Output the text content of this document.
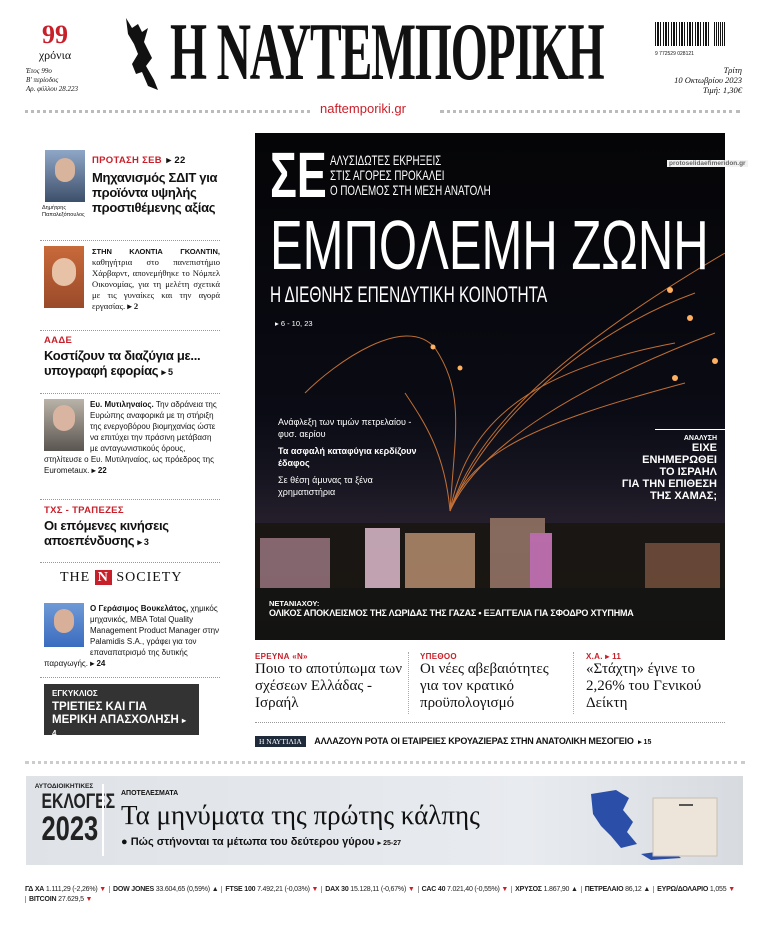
99
χρόνια
Έτος 99ο
Β' περίοδος
Αρ. φύλλου 28.223 Η ΝΑΥΤΕΜΠΟΡΙΚΗ
	9 772529 028121
Τρίτη
10 Οκτωβρίου 2023
Τιμή: 1,30€
naftemporiki.gr
Δημήτρης Παπαλεξόπουλος
ΠΡΟΤΑΣΗ ΣΕΒ ▸ 22
Μηχανισμός ΣΔΙΤ για προϊόντα υψηλής προστιθέμενης αξίας
ΣΤΗΝ ΚΛΟΝΤΙΑ ΓΚΟΛΝΤΙΝ, καθηγήτρια στο πανεπιστήμιο Χάρβαρντ, απονεμήθηκε το Νόμπελ Οικονομίας, για τη μελέτη σχετικά με τις γυναίκες και την αγορά εργασίας. ▸ 2
ΑΑΔΕ
Κοστίζουν τα διαζύγια με... υπογραφή εφορίας ▸ 5
Ευ. Μυτιληναίος. Την αδράνεια της Ευρώπης αναφορικά με τη στήριξη της ενεργοβόρου βιομηχανίας ώστε να επιτύχει την πράσινη μετάβαση με ανταγωνιστικούς όρους, στηλίτευσε ο Ευ. Μυτιληναίος, ως πρόεδρος της Eurometaux. ▸ 22
ΤΧΣ - ΤΡΑΠΕΖΕΣ
Οι επόμενες κινήσεις αποεπένδυσης ▸ 3
THE N SOCIETY
Ο Γεράσιμος Βουκελάτος, χημικός μηχανικός, MBA Total Quality Management Product Manager στην Palamidis S.A., γράφει για τον επαναπατρισμό της δυτικής παραγωγής. ▸ 24
ΕΓΚΥΚΛΙΟΣ
ΤΡΙΕΤΙΕΣ ΚΑΙ ΓΙΑ ΜΕΡΙΚΗ ΑΠΑΣΧΟΛΗΣΗ ▸ 4
ΣΕ ΑΛΥΣΙΔΩΤΕΣ ΕΚΡΗΞΕΙΣ
ΣΤΙΣ ΑΓΟΡΕΣ ΠΡΟΚΑΛΕΙ
Ο ΠΟΛΕΜΟΣ ΣΤΗ ΜΕΣΗ ΑΝΑΤΟΛΗ
ΕΜΠΟΛΕΜΗ ΖΩΝΗ
Η ΔΙΕΘΝΗΣ ΕΠΕΝΔΥΤΙΚΗ ΚΟΙΝΟΤΗΤΑ
▸ 6 - 10, 23
Ανάφλεξη των τιμών πετρελαίου - φυσ. αερίου
Τα ασφαλή καταφύγια κερδίζουν έδαφος
Σε θέση άμυνας τα ξένα χρηματιστήρια
ΑΝΑΛΥΣΗ
ΕΙΧΕ
ΕΝΗΜΕΡΩΘΕΙ
ΤΟ ΙΣΡΑΗΛ
ΓΙΑ ΤΗΝ ΕΠΙΘΕΣΗ
ΤΗΣ ΧΑΜΑΣ;
ΝΕΤΑΝΙΑΧΟΥ:
ΟΛΙΚΟΣ ΑΠΟΚΛΕΙΣΜΟΣ ΤΗΣ ΛΩΡΙΔΑΣ ΤΗΣ ΓΑΖΑΣ • ΕΞΑΓΓΕΛΙΑ ΓΙΑ ΣΦΟΔΡΟ ΧΤΥΠΗΜΑ
protoselidaefimeridon.gr
ΕΡΕΥΝΑ «Ν»
Ποιο το αποτύπωμα των σχέσεων Ελλάδας - Ισραήλ
ΥΠΕΘΟΟ
Οι νέες αβεβαιότητες για τον κρατικό προϋπολογισμό
Χ.Α. ▸ 11
«Στάχτη» έγινε το 2,26% του Γενικού Δείκτη
Η ΝΑΥΤΙΛΙΑ ΑΛΛΑΖΟΥΝ ΡΟΤΑ ΟΙ ΕΤΑΙΡΕΙΕΣ ΚΡΟΥΑΖΙΕΡΑΣ ΣΤΗΝ ΑΝΑΤΟΛΙΚΗ ΜΕΣΟΓΕΙΟ ▸ 15
ΑΥΤΟΔΙΟΙΚΗΤΙΚΕΣ
ΕΚΛΟΓΕΣ
2023
ΑΠΟΤΕΛΕΣΜΑΤΑ
Τα μηνύματα της πρώτης κάλπης
● Πώς στήνονται τα μέτωπα του δεύτερου γύρου ▸ 25-27
ΓΔ ΧΑ 1.111,29 (-2,26%) ▼	DOW JONES 33.604,65 (0,59%) ▲	FTSE 100 7.492,21 (-0,03%) ▼	DAX 30 15.128,11 (-0,67%) ▼	CAC 40 7.021,40 (-0,55%) ▼	ΧΡΥΣΟΣ 1.867,90 ▲	ΠΕΤΡΕΛΑΙΟ 86,12 ▲	ΕΥΡΩ/ΔΟΛΑΡΙΟ 1,055 ▼
BITCOIN 27.629,5 ▼
